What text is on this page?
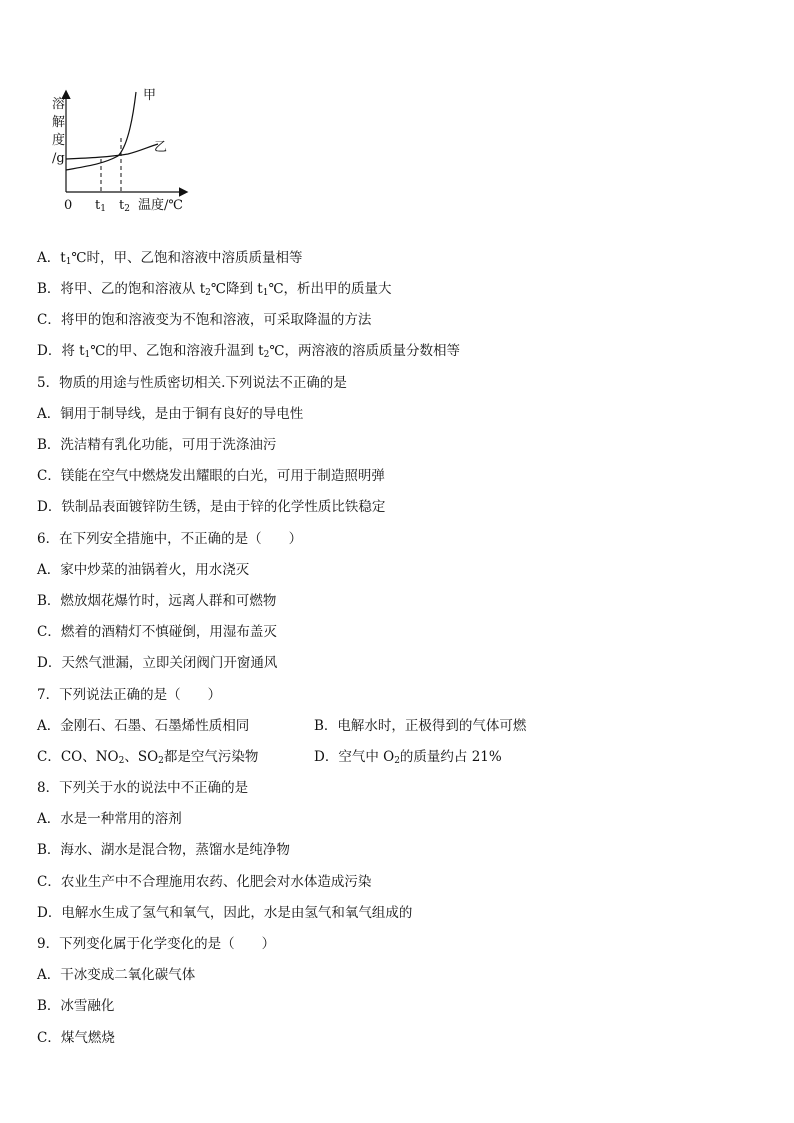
溶
解
度
/g
0 $t_1$ $t_2$ 温度/℃
甲
乙
A．$t_1℃$时，甲、乙饱和溶液中溶质质量相等
B．将甲、乙的饱和溶液从 $t_2℃$降到 $t_1℃$，析出甲的质量大
C．将甲的饱和溶液变为不饱和溶液，可采取降温的方法
D．将 $t_1℃$的甲、乙饱和溶液升温到 $t_2℃$，两溶液的溶质质量分数相等
5．物质的用途与性质密切相关.下列说法不正确的是
A．铜用于制导线，是由于铜有良好的导电性
B．洗洁精有乳化功能，可用于洗涤油污
C．镁能在空气中燃烧发出耀眼的白光，可用于制造照明弹
D．铁制品表面镀锌防生锈，是由于锌的化学性质比铁稳定
6．在下列安全措施中，不正确的是（　　）
A．家中炒菜的油锅着火，用水浇灭
B．燃放烟花爆竹时，远离人群和可燃物
C．燃着的酒精灯不慎碰倒，用湿布盖灭
D．天然气泄漏，立即关闭阀门开窗通风
7．下列说法正确的是（　　）
A．金刚石、石墨、石墨烯性质相同	B．电解水时，正极得到的气体可燃
C．CO、$NO_2$、$SO_2$都是空气污染物	D．空气中 $O_2$的质量约占 21%
8．下列关于水的说法中不正确的是
A．水是一种常用的溶剂
B．海水、湖水是混合物，蒸馏水是纯净物
C．农业生产中不合理施用农药、化肥会对水体造成污染
D．电解水生成了氢气和氧气，因此，水是由氢气和氧气组成的
9．下列变化属于化学变化的是（　　）
A．干冰变成二氧化碳气体
B．冰雪融化
C．煤气燃烧
